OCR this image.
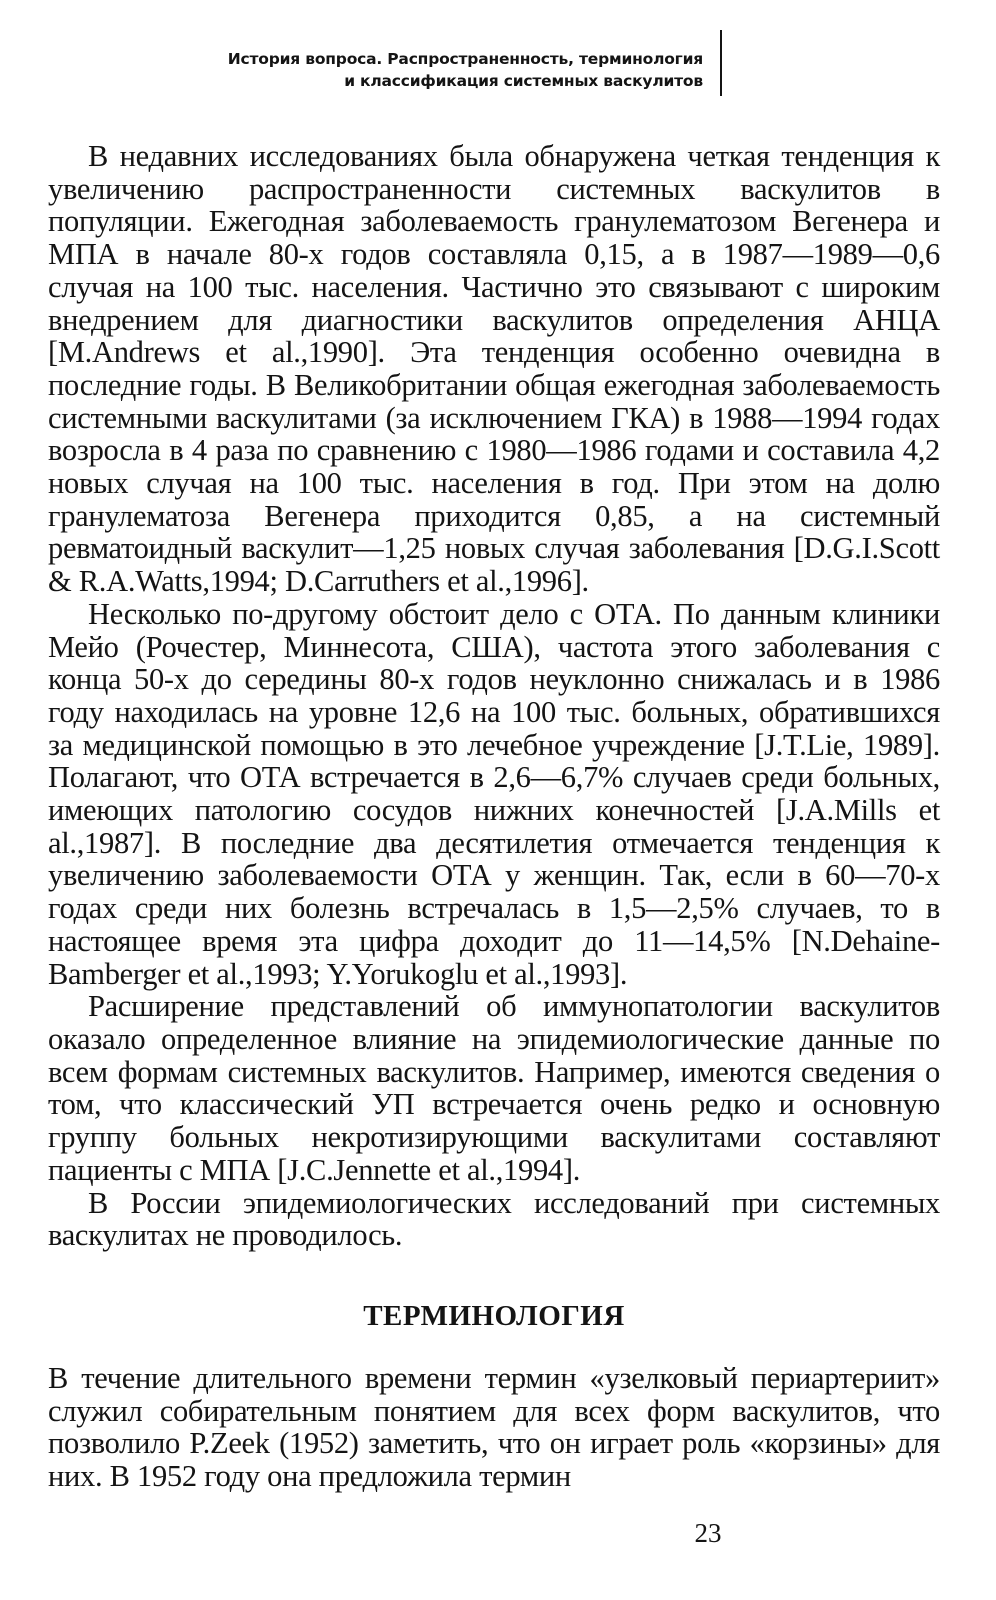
История вопроса. Распространенность, терминология
и классификация системных васкулитов

В недавних исследованиях была обнаружена четкая тенденция к увеличению распространенности системных васкулитов в популяции. Ежегодная заболеваемость гранулематозом Вегенера и МПА в начале 80-х годов составляла 0,15, а в 1987—1989—0,6 случая на 100 тыс. населения. Частично это связывают с широким внедрением для диагностики васкулитов определения АНЦА [M.Andrews et al.,1990]. Эта тенденция особенно очевидна в последние годы. В Великобритании общая ежегодная заболеваемость системными васкулитами (за исключением ГКА) в 1988—1994 годах возросла в 4 раза по сравнению с 1980—1986 годами и составила 4,2 новых случая на 100 тыс. населения в год. При этом на долю гранулематоза Вегенера приходится 0,85, а на системный ревматоидный васкулит—1,25 новых случая заболевания [D.G.I.Scott & R.A.Watts,1994; D.Carruthers et al.,1996].

Несколько по-другому обстоит дело с ОТА. По данным клиники Мейо (Рочестер, Миннесота, США), частота этого заболевания с конца 50-х до середины 80-х годов неуклонно снижалась и в 1986 году находилась на уровне 12,6 на 100 тыс. больных, обратившихся за медицинской помощью в это лечебное учреждение [J.T.Lie, 1989]. Полагают, что ОТА встречается в 2,6—6,7% случаев среди больных, имеющих патологию сосудов нижних конечностей [J.A.Mills et al.,1987]. В последние два десятилетия отмечается тенденция к увеличению заболеваемости ОТА у женщин. Так, если в 60—70-х годах среди них болезнь встречалась в 1,5—2,5% случаев, то в настоящее время эта цифра доходит до 11—14,5% [N.Dehaine-Bamberger et al.,1993; Y.Yorukoglu et al.,1993].

Расширение представлений об иммунопатологии васкулитов оказало определенное влияние на эпидемиологические данные по всем формам системных васкулитов. Например, имеются сведения о том, что классический УП встречается очень редко и основную группу больных некротизирующими васкулитами составляют пациенты с МПА [J.C.Jennette et al.,1994].

В России эпидемиологических исследований при системных васкулитах не проводилось.

ТЕРМИНОЛОГИЯ

В течение длительного времени термин «узелковый периартериит» служил собирательным понятием для всех форм васкулитов, что позволило P.Zeek (1952) заметить, что он играет роль «корзины» для них. В 1952 году она предложила термин

23
